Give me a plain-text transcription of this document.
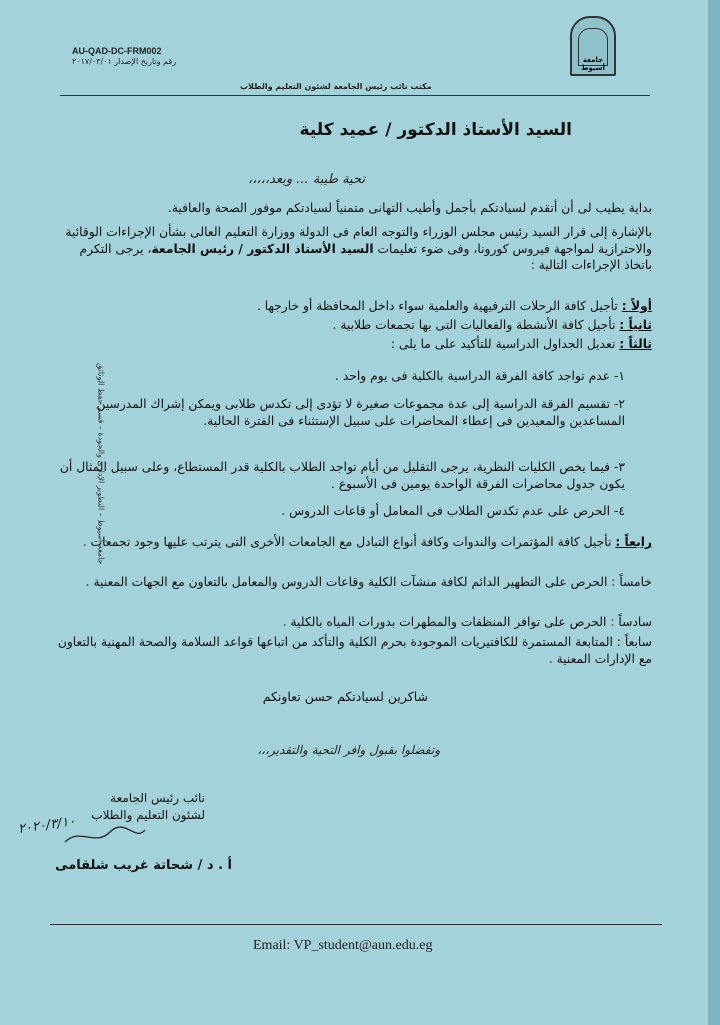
جامعة أسيوط
AU-QAD-DC-FRM002
رقم وتاريخ الإصدار ٢٠١٧/٠٣/٠١
مكتب نائب رئيس الجامعة لشئون التعليم والطلاب
السيد الأستاذ الدكتور / عميد كلية
تحية طيبة ... وبعد،،،،،
بداية يطيب لى أن أتقدم لسيادتكم بأجمل وأطيب التهانى متمنياً لسيادتكم موفور الصحة والعافية.
بالإشارة إلى قرار السيد رئيس مجلس الوزراء والتوجه العام فى الدولة ووزارة التعليم العالى بشأن الإجراءات الوقائية والاحترازية لمواجهة فيروس كورونا، وفى ضوء تعليمات السيد الأستاذ الدكتور / رئيس الجامعة، يرجى التكرم باتخاذ الإجراءات التالية :
أولاً : تأجيل كافة الرحلات الترفيهية والعلمية سواء داخل المحافظة أو خارجها .
ثانياً : تأجيل كافة الأنشطة والفعاليات التى بها تجمعات طلابية .
ثالثاً : تعديل الجداول الدراسية للتأكيد على ما يلى :
١- عدم تواجد كافة الفرقة الدراسية بالكلية فى يوم واحد .
٢- تقسيم الفرقة الدراسية إلى عدة مجموعات صغيرة لا تؤدى إلى تكدس طلابى ويمكن إشراك المدرسين المساعدين والمعيدين فى إعطاء المحاضرات على سبيل الإستثناء فى الفترة الحالية.
٣- فيما يخص الكليات النظرية، يرجى التقليل من أيام تواجد الطلاب بالكلية قدر المستطاع، وعلى سبيل المثال أن يكون جدول محاضرات الفرقة الواحدة يومين فى الأسبوع .
٤- الحرص على عدم تكدس الطلاب فى المعامل أو قاعات الدروس .
رابعاً : تأجيل كافة المؤتمرات والندوات وكافة أنواع التبادل مع الجامعات الأخرى التى يترتب عليها وجود تجمعات .
خامساً : الحرص على التطهير الدائم لكافة منشآت الكلية وقاعات الدروس والمعامل بالتعاون مع الجهات المعنية .
سادساً : الحرص على توافر المنظفات والمطهرات بدورات المياه بالكلية .
سابعاً : المتابعة المستمرة للكافتيريات الموجودة بحرم الكلية والتأكد من اتباعها قواعد السلامة والصحة المهنية بالتعاون مع الإدارات المعنية .
شاكرين لسيادتكم حسن تعاونكم
وتفضلوا بقبول وافر التحية والتقدير،،،
نائب رئيس الجامعة
لشئون التعليم والطلاب
٢٠٢٠/٣/١٠
أ . د / شحاتة غريب شلقامى
جامعة أسيوط – التطوير الإدارى والجودة – قسم حفظ الوثائق
Email: VP_student@aun.edu.eg
